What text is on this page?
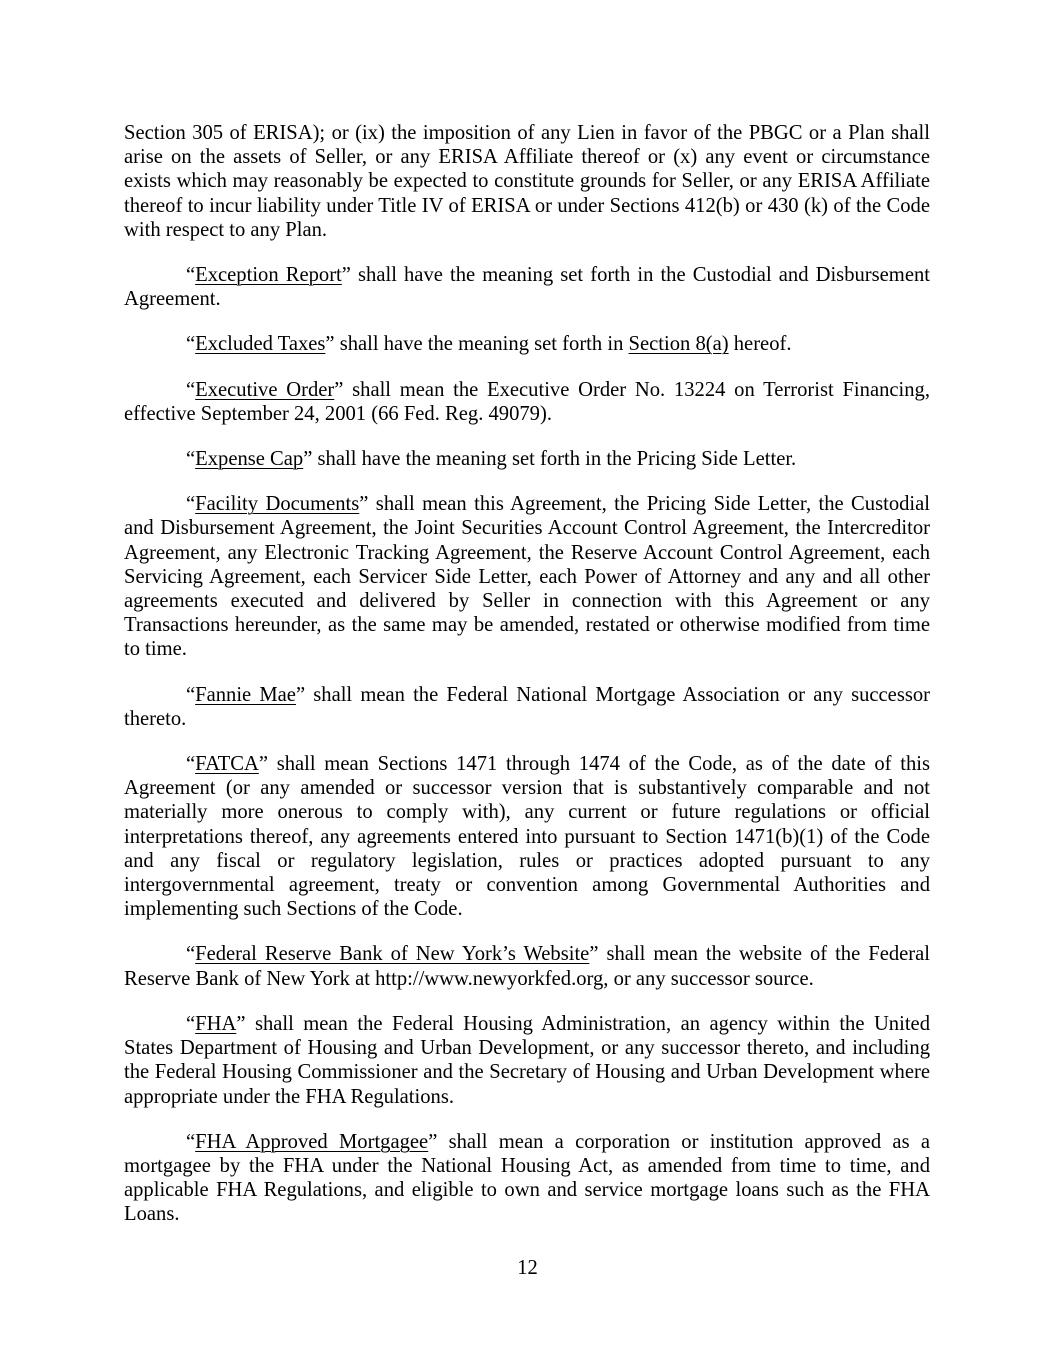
Section 305 of ERISA); or (ix) the imposition of any Lien in favor of the PBGC or a Plan shall arise on the assets of Seller, or any ERISA Affiliate thereof or (x) any event or circumstance exists which may reasonably be expected to constitute grounds for Seller, or any ERISA Affiliate thereof to incur liability under Title IV of ERISA or under Sections 412(b) or 430 (k) of the Code with respect to any Plan.

“Exception Report” shall have the meaning set forth in the Custodial and Disbursement Agreement.

“Excluded Taxes” shall have the meaning set forth in Section 8(a) hereof.

“Executive Order” shall mean the Executive Order No. 13224 on Terrorist Financing, effective September 24, 2001 (66 Fed. Reg. 49079).

“Expense Cap” shall have the meaning set forth in the Pricing Side Letter.

“Facility Documents” shall mean this Agreement, the Pricing Side Letter, the Custodial and Disbursement Agreement, the Joint Securities Account Control Agreement, the Intercreditor Agreement, any Electronic Tracking Agreement, the Reserve Account Control Agreement, each Servicing Agreement, each Servicer Side Letter, each Power of Attorney and any and all other agreements executed and delivered by Seller in connection with this Agreement or any Transactions hereunder, as the same may be amended, restated or otherwise modified from time to time.

“Fannie Mae” shall mean the Federal National Mortgage Association or any successor thereto.

“FATCA” shall mean Sections 1471 through 1474 of the Code, as of the date of this Agreement (or any amended or successor version that is substantively comparable and not materially more onerous to comply with), any current or future regulations or official interpretations thereof, any agreements entered into pursuant to Section 1471(b)(1) of the Code and any fiscal or regulatory legislation, rules or practices adopted pursuant to any intergovernmental agreement, treaty or convention among Governmental Authorities and implementing such Sections of the Code.

“Federal Reserve Bank of New York’s Website” shall mean the website of the Federal Reserve Bank of New York at http://www.newyorkfed.org, or any successor source.

“FHA” shall mean the Federal Housing Administration, an agency within the United States Department of Housing and Urban Development, or any successor thereto, and including the Federal Housing Commissioner and the Secretary of Housing and Urban Development where appropriate under the FHA Regulations.

“FHA Approved Mortgagee” shall mean a corporation or institution approved as a mortgagee by the FHA under the National Housing Act, as amended from time to time, and applicable FHA Regulations, and eligible to own and service mortgage loans such as the FHA Loans.

12
